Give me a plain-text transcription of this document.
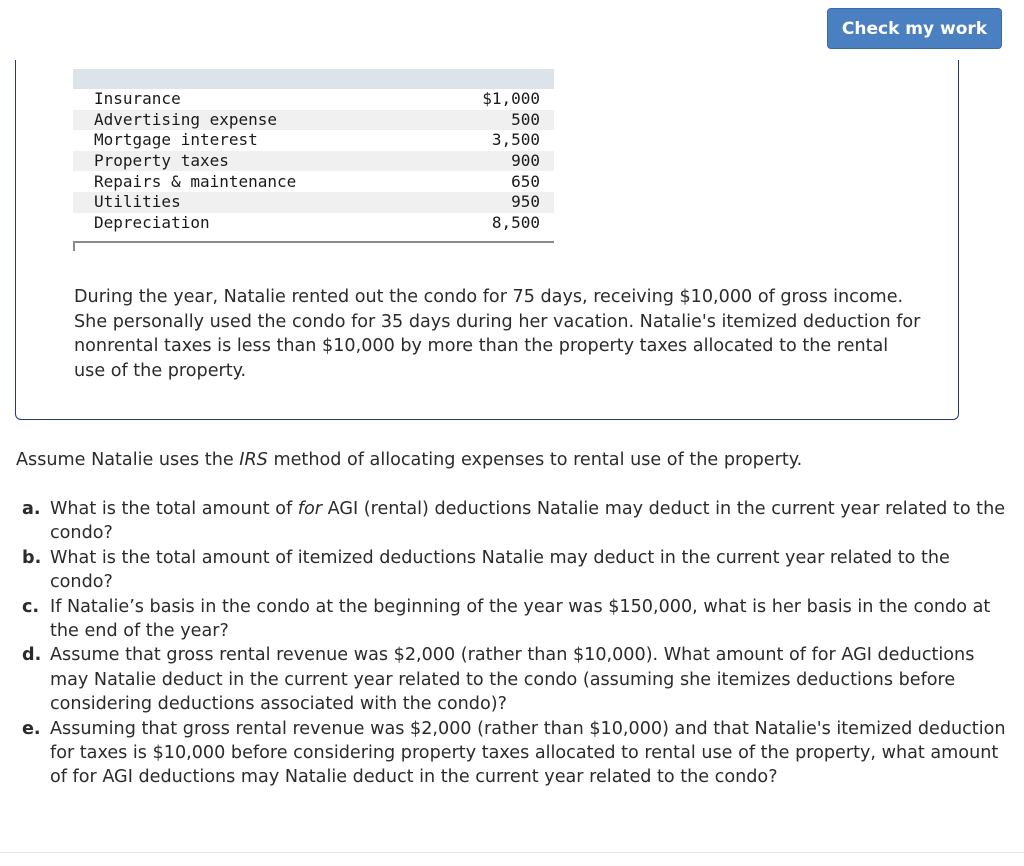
Check my work

Insurance	$1,000
Advertising expense	500
Mortgage interest	3,500
Property taxes	900
Repairs & maintenance	650
Utilities	950
Depreciation	8,500

During the year, Natalie rented out the condo for 75 days, receiving $10,000 of gross income. She personally used the condo for 35 days during her vacation. Natalie's itemized deduction for nonrental taxes is less than $10,000 by more than the property taxes allocated to the rental use of the property.

Assume Natalie uses the IRS method of allocating expenses to rental use of the property.

a. What is the total amount of for AGI (rental) deductions Natalie may deduct in the current year related to the condo?
b. What is the total amount of itemized deductions Natalie may deduct in the current year related to the condo?
c. If Natalie’s basis in the condo at the beginning of the year was $150,000, what is her basis in the condo at the end of the year?
d. Assume that gross rental revenue was $2,000 (rather than $10,000). What amount of for AGI deductions may Natalie deduct in the current year related to the condo (assuming she itemizes deductions before considering deductions associated with the condo)?
e. Assuming that gross rental revenue was $2,000 (rather than $10,000) and that Natalie's itemized deduction for taxes is $10,000 before considering property taxes allocated to rental use of the property, what amount of for AGI deductions may Natalie deduct in the current year related to the condo?
